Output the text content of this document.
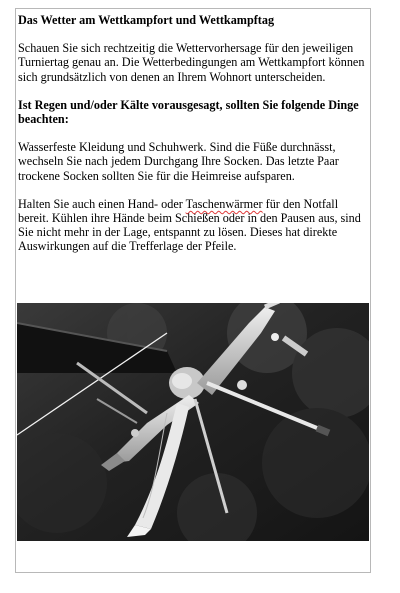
Das Wetter am Wettkampfort und Wettkampftag

Schauen Sie sich rechtzeitig die Wettervorhersage für den jeweiligen Turniertag genau an. Die Wetterbedingungen am Wettkampfort können sich grundsätzlich von denen an Ihrem Wohnort unterscheiden.

Ist Regen und/oder Kälte vorausgesagt, sollten Sie folgende Dinge beachten:

Wasserfeste Kleidung und Schuhwerk. Sind die Füße durchnässt, wechseln Sie nach jedem Durchgang Ihre Socken. Das letzte Paar trockene Socken sollten Sie für die Heimreise aufsparen.

Halten Sie auch einen Hand- oder Taschenwärmer für den Notfall bereit. Kühlen ihre Hände beim Schießen oder in den Pausen aus, sind Sie nicht mehr in der Lage, entspannt zu lösen. Dieses hat direkte Auswirkungen auf die Trefferlage der Pfeile.
